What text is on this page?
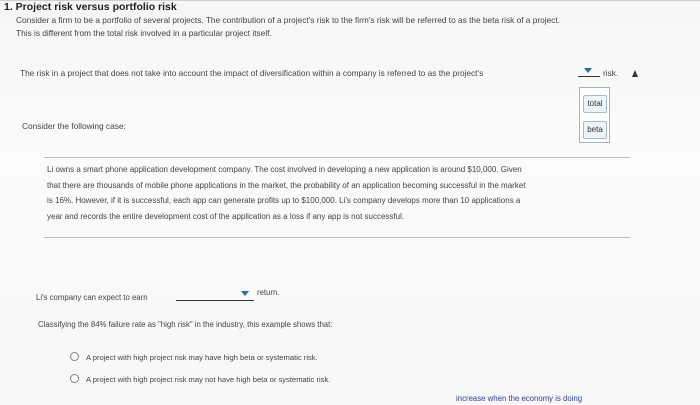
1. Project risk versus portfolio risk

Consider a firm to be a portfolio of several projects. The contribution of a project's risk to the firm's risk will be referred to as the beta risk of a project.

This is different from the total risk involved in a particular project itself.

The risk in a project that does not take into account the impact of diversification within a company is referred to as the project's	risk.
total
beta
Consider the following case:

Li owns a smart phone application development company. The cost involved in developing a new application is around $10,000. Given

that there are thousands of mobile phone applications in the market, the probability of an application becoming successful in the market

is 16%. However, if it is successful, each app can generate profits up to $100,000. Li's company develops more than 10 applications a

year and records the entire development cost of the application as a loss if any app is not successful.

Li's company can expect to earn
return.
Classifying the 84% failure rate as "high risk" in the industry, this example shows that:
A project with high project risk may have high beta or systematic risk.
A project with high project risk may not have high beta or systematic risk.
increase when the economy is doing
